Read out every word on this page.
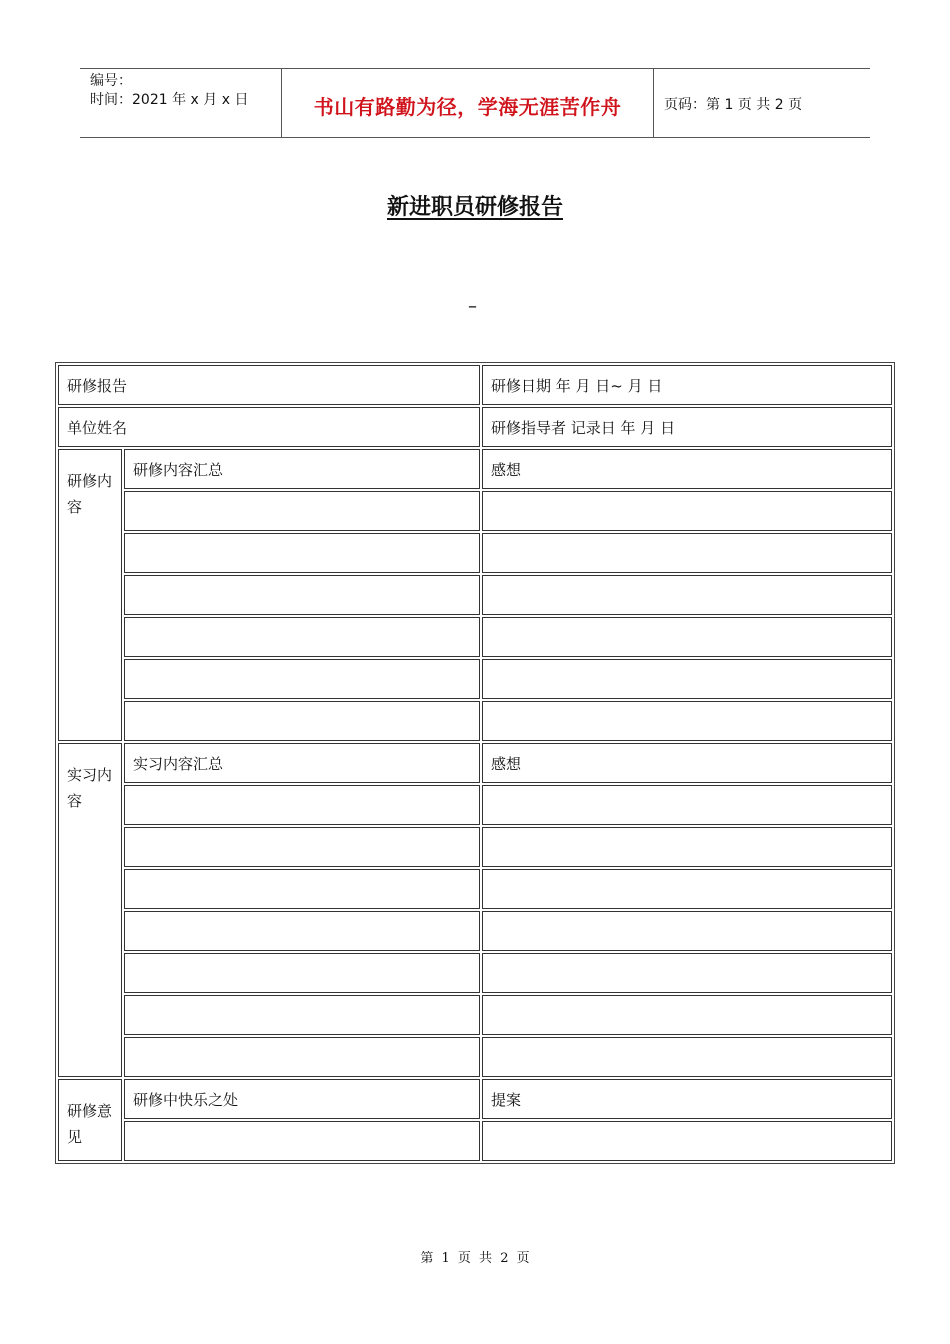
编号：
时间：2021 年 x 月 x 日	书山有路勤为径，学海无涯苦作舟	页码：第 1 页 共 2 页
新进职员研修报告
–
研修报告		研修日期 年 月 日~ 月 日
单位姓名		研修指导者 记录日 年 月 日
研修内容	研修内容汇总	感想

实习内容	实习内容汇总	感想

研修意见	研修中快乐之处	提案

第 1 页 共 2 页
